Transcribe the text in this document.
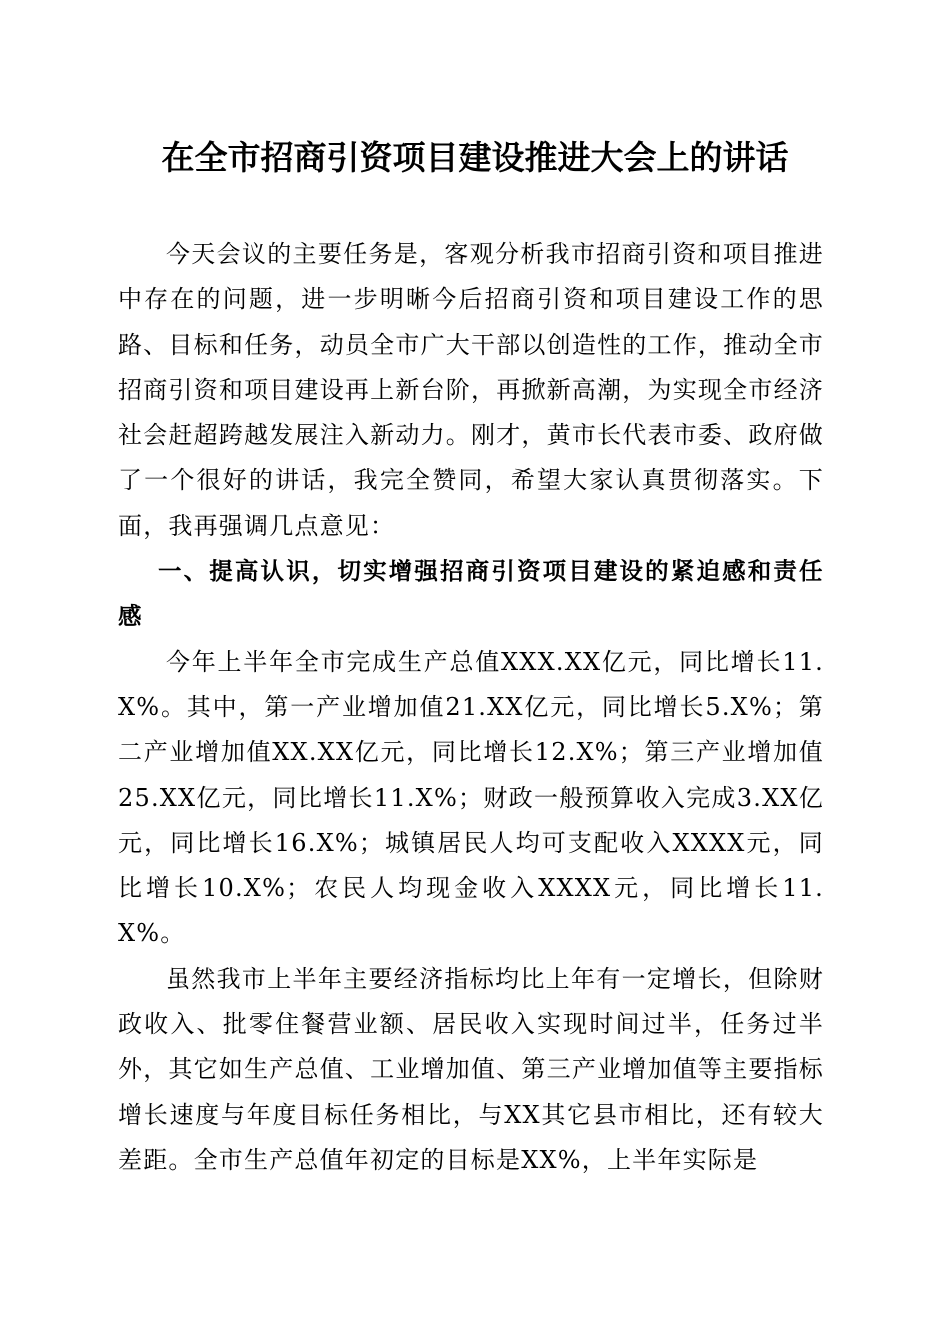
在全市招商引资项目建设推进大会上的讲话

今天会议的主要任务是，客观分析我市招商引资和项目推进中存在的问题，进一步明晰今后招商引资和项目建设工作的思路、目标和任务，动员全市广大干部以创造性的工作，推动全市招商引资和项目建设再上新台阶，再掀新高潮，为实现全市经济社会赶超跨越发展注入新动力。刚才，黄市长代表市委、政府做了一个很好的讲话，我完全赞同，希望大家认真贯彻落实。下面，我再强调几点意见：

一、提高认识，切实增强招商引资项目建设的紧迫感和责任感

今年上半年全市完成生产总值XXX.XX亿元，同比增长11.X%。其中，第一产业增加值21.XX亿元，同比增长5.X%；第二产业增加值XX.XX亿元，同比增长12.X%；第三产业增加值25.XX亿元，同比增长11.X%；财政一般预算收入完成3.XX亿元，同比增长16.X%；城镇居民人均可支配收入XXXX元，同比增长10.X%；农民人均现金收入XXXX元，同比增长11.X%。

虽然我市上半年主要经济指标均比上年有一定增长，但除财政收入、批零住餐营业额、居民收入实现时间过半，任务过半外，其它如生产总值、工业增加值、第三产业增加值等主要指标增长速度与年度目标任务相比，与XX其它县市相比，还有较大差距。全市生产总值年初定的目标是XX%，上半年实际是
